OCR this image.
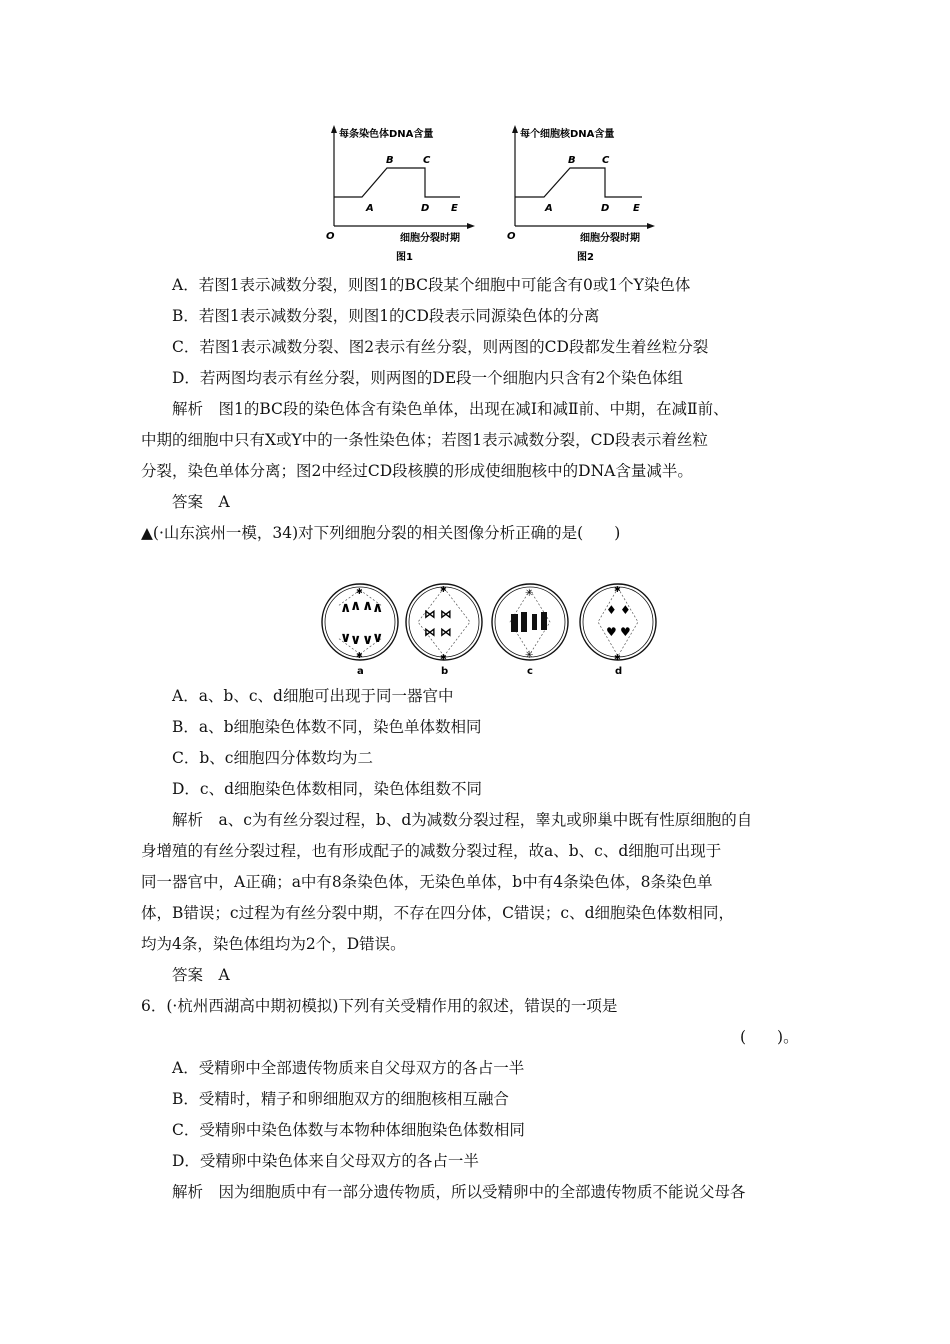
每条染色体DNA含量
B	C
A	D E
O	细胞分裂时期
图1
每个细胞核DNA含量
B	C
A	D E
O	细胞分裂时期
图2
A．若图1表示减数分裂，则图1的BC段某个细胞中可能含有0或1个Y染色体
B．若图1表示减数分裂，则图1的CD段表示同源染色体的分离
C．若图1表示减数分裂、图2表示有丝分裂，则两图的CD段都发生着丝粒分裂
D．若两图均表示有丝分裂，则两图的DE段一个细胞内只含有2个染色体组
解析　图1的BC段的染色体含有染色单体，出现在减Ⅰ和减Ⅱ前、中期，在减Ⅱ前、
中期的细胞中只有X或Y中的一条性染色体；若图1表示减数分裂，CD段表示着丝粒
分裂，染色单体分离；图2中经过CD段核膜的形成使细胞核中的DNA含量减半。
答案　A
▲(·山东滨州一模，34)对下列细胞分裂的相关图像分析正确的是(　　)
✱
✱
∧
∧ ∧
∧
∨
∨ ∨
∨
a
✱
✱
⋈ ⋈
⋈ ⋈
b
✳
✳
c
✱
✱
♦ ♦
♥ ♥
d
A．a、b、c、d细胞可出现于同一器官中
B．a、b细胞染色体数不同，染色单体数相同
C．b、c细胞四分体数均为二
D．c、d细胞染色体数相同，染色体组数不同
解析　a、c为有丝分裂过程，b、d为减数分裂过程，睾丸或卵巢中既有性原细胞的自
身增殖的有丝分裂过程，也有形成配子的减数分裂过程，故a、b、c、d细胞可出现于
同一器官中，A正确；a中有8条染色体，无染色单体，b中有4条染色体，8条染色单
体，B错误；c过程为有丝分裂中期，不存在四分体，C错误；c、d细胞染色体数相同，
均为4条，染色体组均为2个，D错误。
答案　A
6．(·杭州西湖高中期初模拟)下列有关受精作用的叙述，错误的一项是
(　　)。
A．受精卵中全部遗传物质来自父母双方的各占一半
B．受精时，精子和卵细胞双方的细胞核相互融合
C．受精卵中染色体数与本物种体细胞染色体数相同
D．受精卵中染色体来自父母双方的各占一半
解析　因为细胞质中有一部分遗传物质，所以受精卵中的全部遗传物质不能说父母各
